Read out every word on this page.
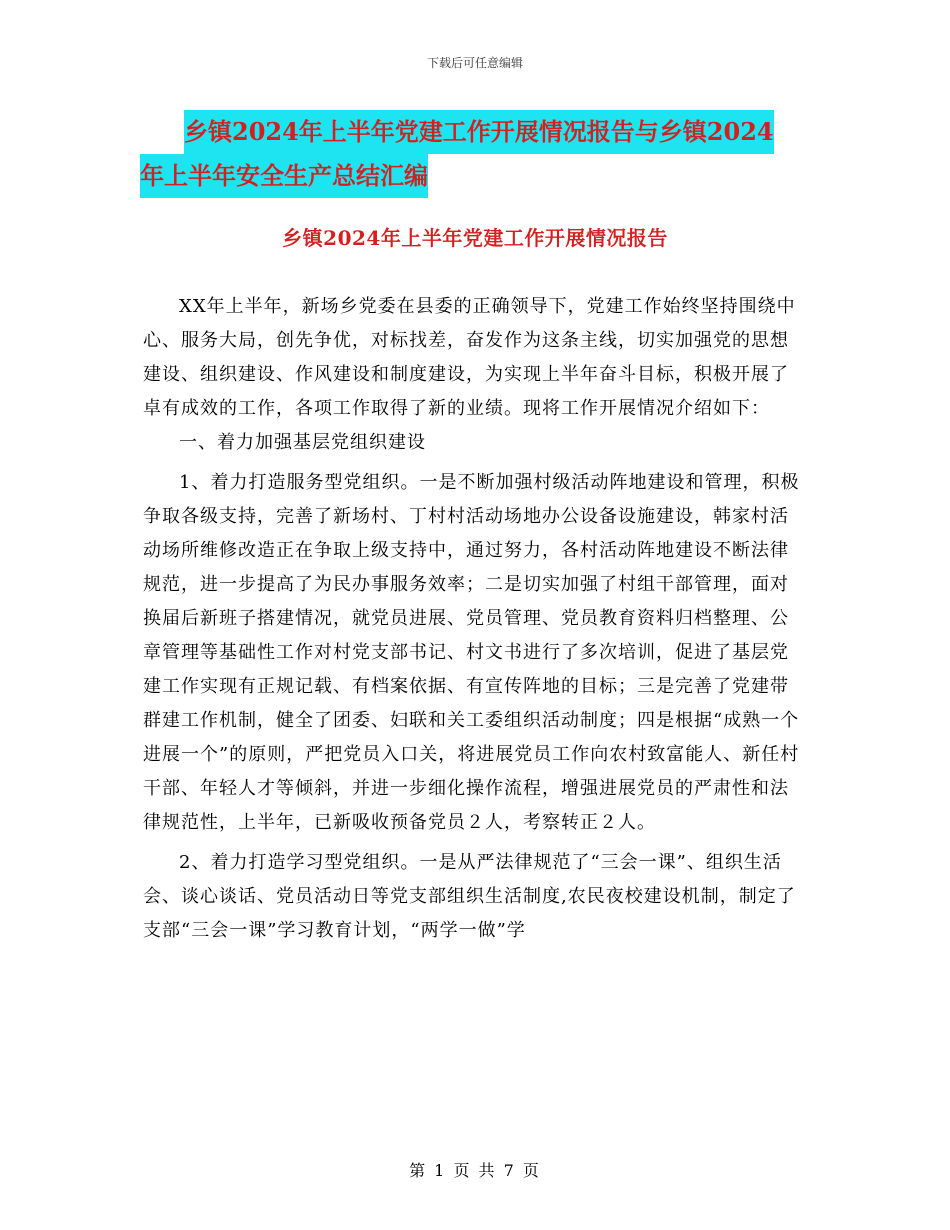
下载后可任意编辑
乡镇2024年上半年党建工作开展情况报告与乡镇2024
年上半年安全生产总结汇编
乡镇2024年上半年党建工作开展情况报告

XX年上半年，新场乡党委在县委的正确领导下，党建工作始终坚持围绕中心、服务大局，创先争优，对标找差，奋发作为这条主线，切实加强党的思想建设、组织建设、作风建设和制度建设，为实现上半年奋斗目标，积极开展了卓有成效的工作，各项工作取得了新的业绩。现将工作开展情况介绍如下：

一、着力加强基层党组织建设

1、着力打造服务型党组织。一是不断加强村级活动阵地建设和管理，积极争取各级支持，完善了新场村、丁村村活动场地办公设备设施建设，韩家村活动场所维修改造正在争取上级支持中，通过努力，各村活动阵地建设不断法律规范，进一步提高了为民办事服务效率；二是切实加强了村组干部管理，面对换届后新班子搭建情况，就党员进展、党员管理、党员教育资料归档整理、公章管理等基础性工作对村党支部书记、村文书进行了多次培训，促进了基层党建工作实现有正规记载、有档案依据、有宣传阵地的目标；三是完善了党建带群建工作机制，健全了团委、妇联和关工委组织活动制度；四是根据“成熟一个进展一个”的原则，严把党员入口关，将进展党员工作向农村致富能人、新任村干部、年轻人才等倾斜，并进一步细化操作流程，增强进展党员的严肃性和法律规范性，上半年，已新吸收预备党员２人，考察转正２人。

2、着力打造学习型党组织。一是从严法律规范了“三会一课”、组织生活会、谈心谈话、党员活动日等党支部组织生活制度,农民夜校建设机制，制定了支部“三会一课”学习教育计划，“两学一做”学

第 1 页 共 7 页
